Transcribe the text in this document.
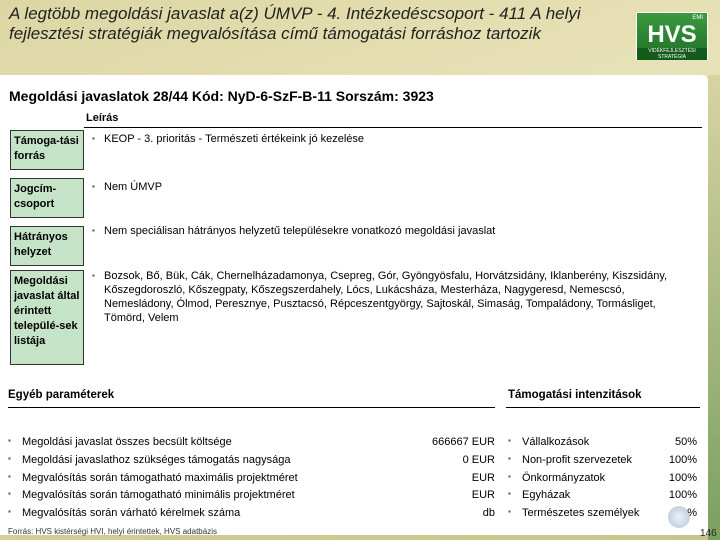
A legtöbb megoldási javaslat a(z) ÚMVP - 4. Intézkedéscsoport - 411 A helyi fejlesztési stratégiák megvalósítása című támogatási forráshoz tartozik
EMI
HVS
VIDÉKFEJLESZTÉSI STRATÉGIA
Megoldási javaslatok 28/44 Kód: NyD-6-SzF-B-11 Sorszám: 3923
Leírás
Támoga-tási forrás
▪ KEOP - 3. prioritás - Természeti értékeink jó kezelése
Jogcím-csoport
▪ Nem ÚMVP
Hátrányos helyzet
▪ Nem speciálisan hátrányos helyzetű településekre vonatkozó megoldási javaslat
Megoldási javaslat által érintett települé-sek listája
▪ Bozsok, Bő, Bük, Cák, Chernelházadamonya, Csepreg, Gór, Gyöngyösfalu, Horvátzsidány, Iklanberény, Kiszsidány, Kőszegdoroszló, Kőszegpaty, Kőszegszerdahely, Lócs, Lukácsháza, Mesterháza, Nagygeresd, Nemescsó, Nemesládony, Ólmod, Peresznye, Pusztacsó, Répceszentgyörgy, Sajtoskál, Simaság, Tompaládony, Tormásliget, Tömörd, Velem
Egyéb paraméterek	Támogatási intenzitások
▪ Megoldási javaslat összes becsült költsége	666667 EUR
▪ Megoldási javaslathoz szükséges támogatás nagysága	0 EUR
▪ Megvalósítás során támogatható maximális projektméret	EUR
▪ Megvalósítás során támogatható minimális projektméret	EUR
▪ Megvalósítás során várható kérelmek száma	db
▪ Vállalkozások	50%
▪ Non-profit szervezetek	100%
▪ Önkormányzatok	100%
▪ Egyházak	100%
▪ Természetes személyek	%
Forrás: HVS kistérségi HVI, helyi érintettek, HVS adatbázis	146
